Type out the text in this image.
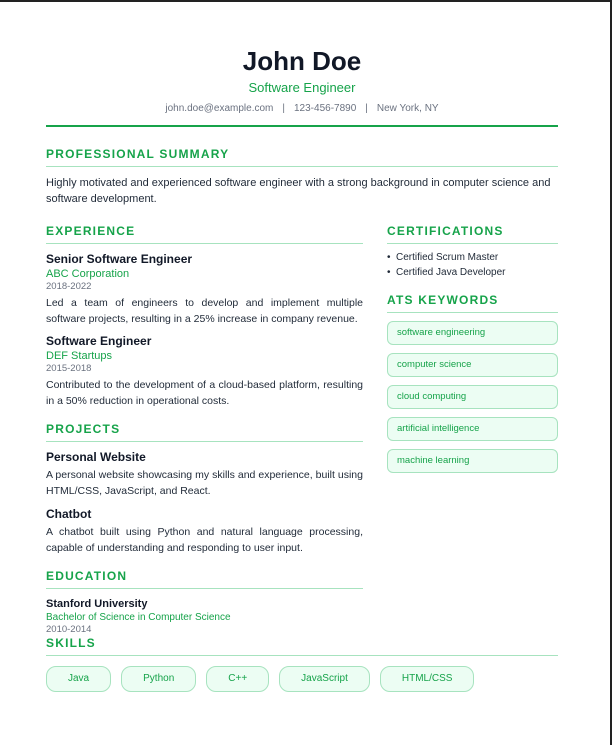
John Doe
Software Engineer
john.doe@example.com | 123-456-7890 | New York, NY
PROFESSIONAL SUMMARY

Highly motivated and experienced software engineer with a strong background in computer science and software development.

EXPERIENCE
Senior Software Engineer
ABC Corporation
2018-2022
Led a team of engineers to develop and implement multiple software projects, resulting in a 25% increase in company revenue.
Software Engineer
DEF Startups
2015-2018
Contributed to the development of a cloud-based platform, resulting in a 50% reduction in operational costs.
PROJECTS
Personal Website
A personal website showcasing my skills and experience, built using HTML/CSS, JavaScript, and React.
Chatbot
A chatbot built using Python and natural language processing, capable of understanding and responding to user input.
EDUCATION
Stanford University
Bachelor of Science in Computer Science
2010-2014
CERTIFICATIONS
• Certified Scrum Master
• Certified Java Developer
ATS KEYWORDS
software engineering
computer science
cloud computing
artificial intelligence
machine learning
SKILLS
Java	Python	C++	JavaScript	HTML/CSS
